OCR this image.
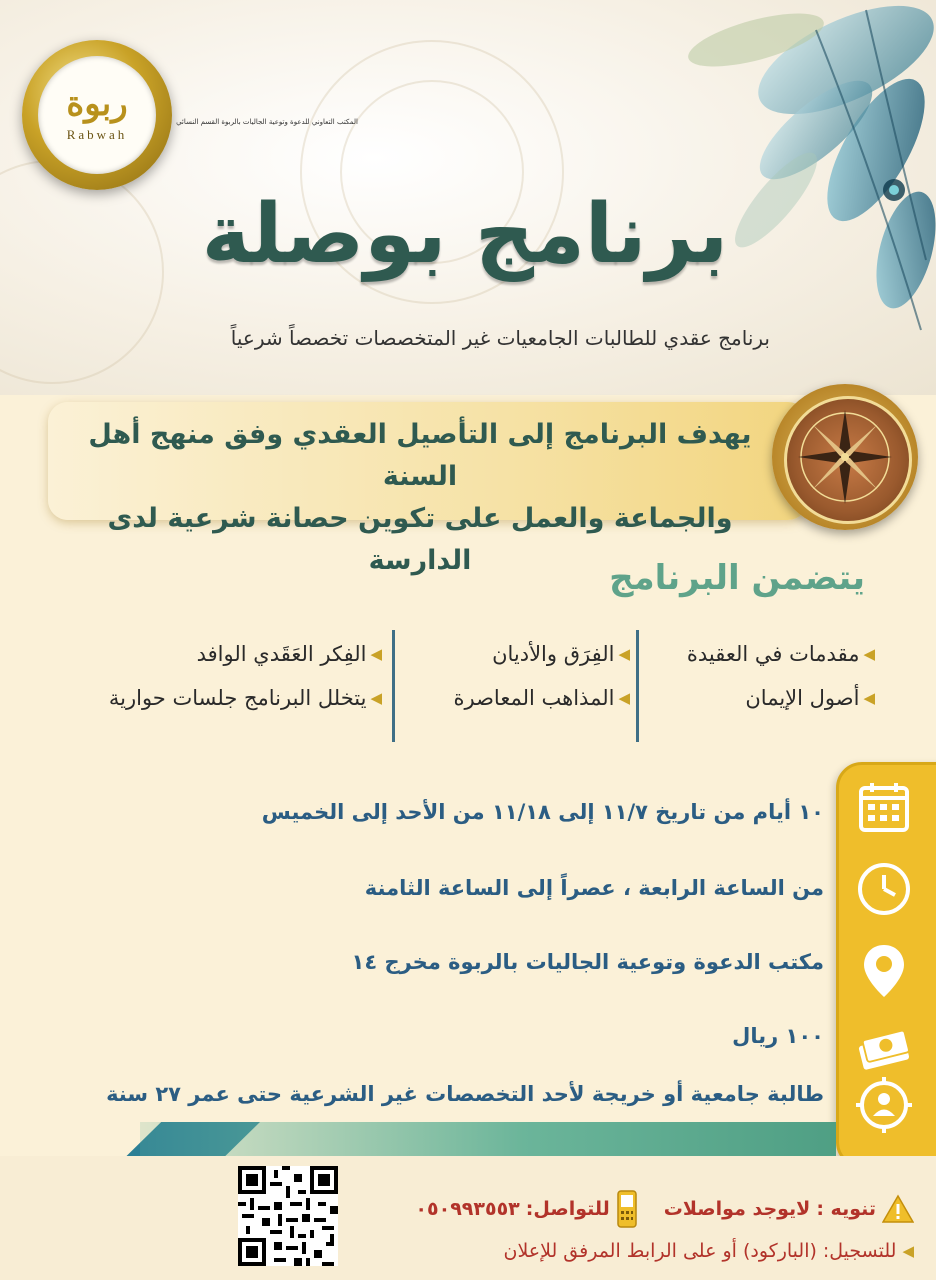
ربوة
Rabwah
المكتب التعاوني للدعوة وتوعية الجاليات بالربوة القسم النسائي
برنامج بوصلة
برنامج عقدي للطالبات الجامعيات غير المتخصصات تخصصاً شرعياً
يهدف البرنامج إلى التأصيل العقدي وفق منهج أهل السنة
والجماعة والعمل على تكوين حصانة شرعية لدى الدارسة	يتضمن البرنامج
◀
مقدمات في العقيدة
◀
أصول الإيمان
◀
الفِرَق والأديان
◀
المذاهب المعاصرة
◀
الفِكر العَقَدي الوافد
◀
يتخلل البرنامج جلسات حوارية
١٠ أيام من تاريخ ١١/٧ إلى ١١/١٨ من الأحد إلى الخميس
من الساعة الرابعة ، عصراً إلى الساعة الثامنة
مكتب الدعوة وتوعية الجاليات بالربوة مخرج ١٤
١٠٠ ريال
طالبة جامعية أو خريجة لأحد التخصصات غير الشرعية حتى عمر ٢٧ سنة
تنويه :
لايوجد مواصلات
للتواصل:
٠٥٠٩٩٣٥٥٣
◀
للتسجيل:
(الباركود) أو على الرابط المرفق للإعلان
